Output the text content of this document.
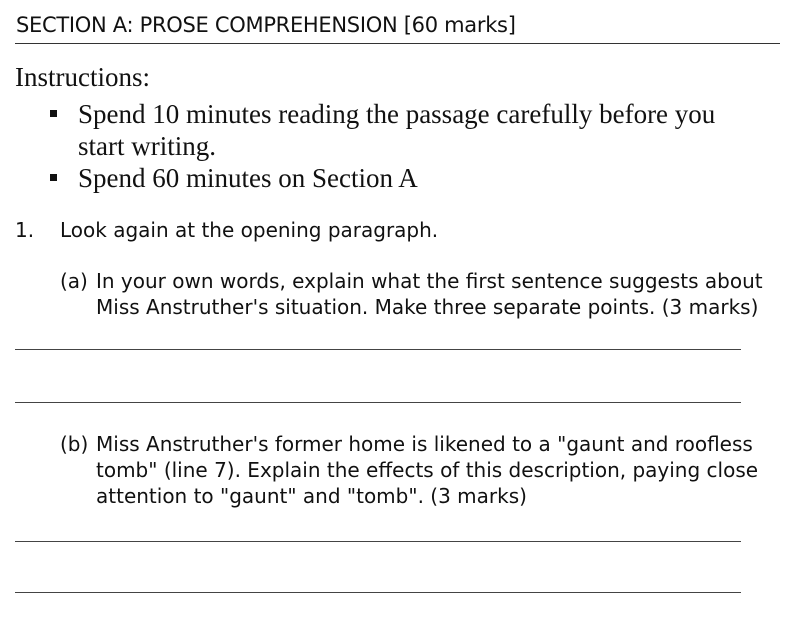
SECTION A: PROSE COMPREHENSION [60 marks]
Instructions:
Spend 10 minutes reading the passage carefully before you start writing.
Spend 60 minutes on Section A
1. Look again at the opening paragraph.
(a) In your own words, explain what the first sentence suggests about
Miss Anstruther's situation. Make three separate points. (3 marks)
(b) Miss Anstruther's former home is likened to a "gaunt and roofless
tomb" (line 7). Explain the effects of this description, paying close
attention to "gaunt" and "tomb". (3 marks)
